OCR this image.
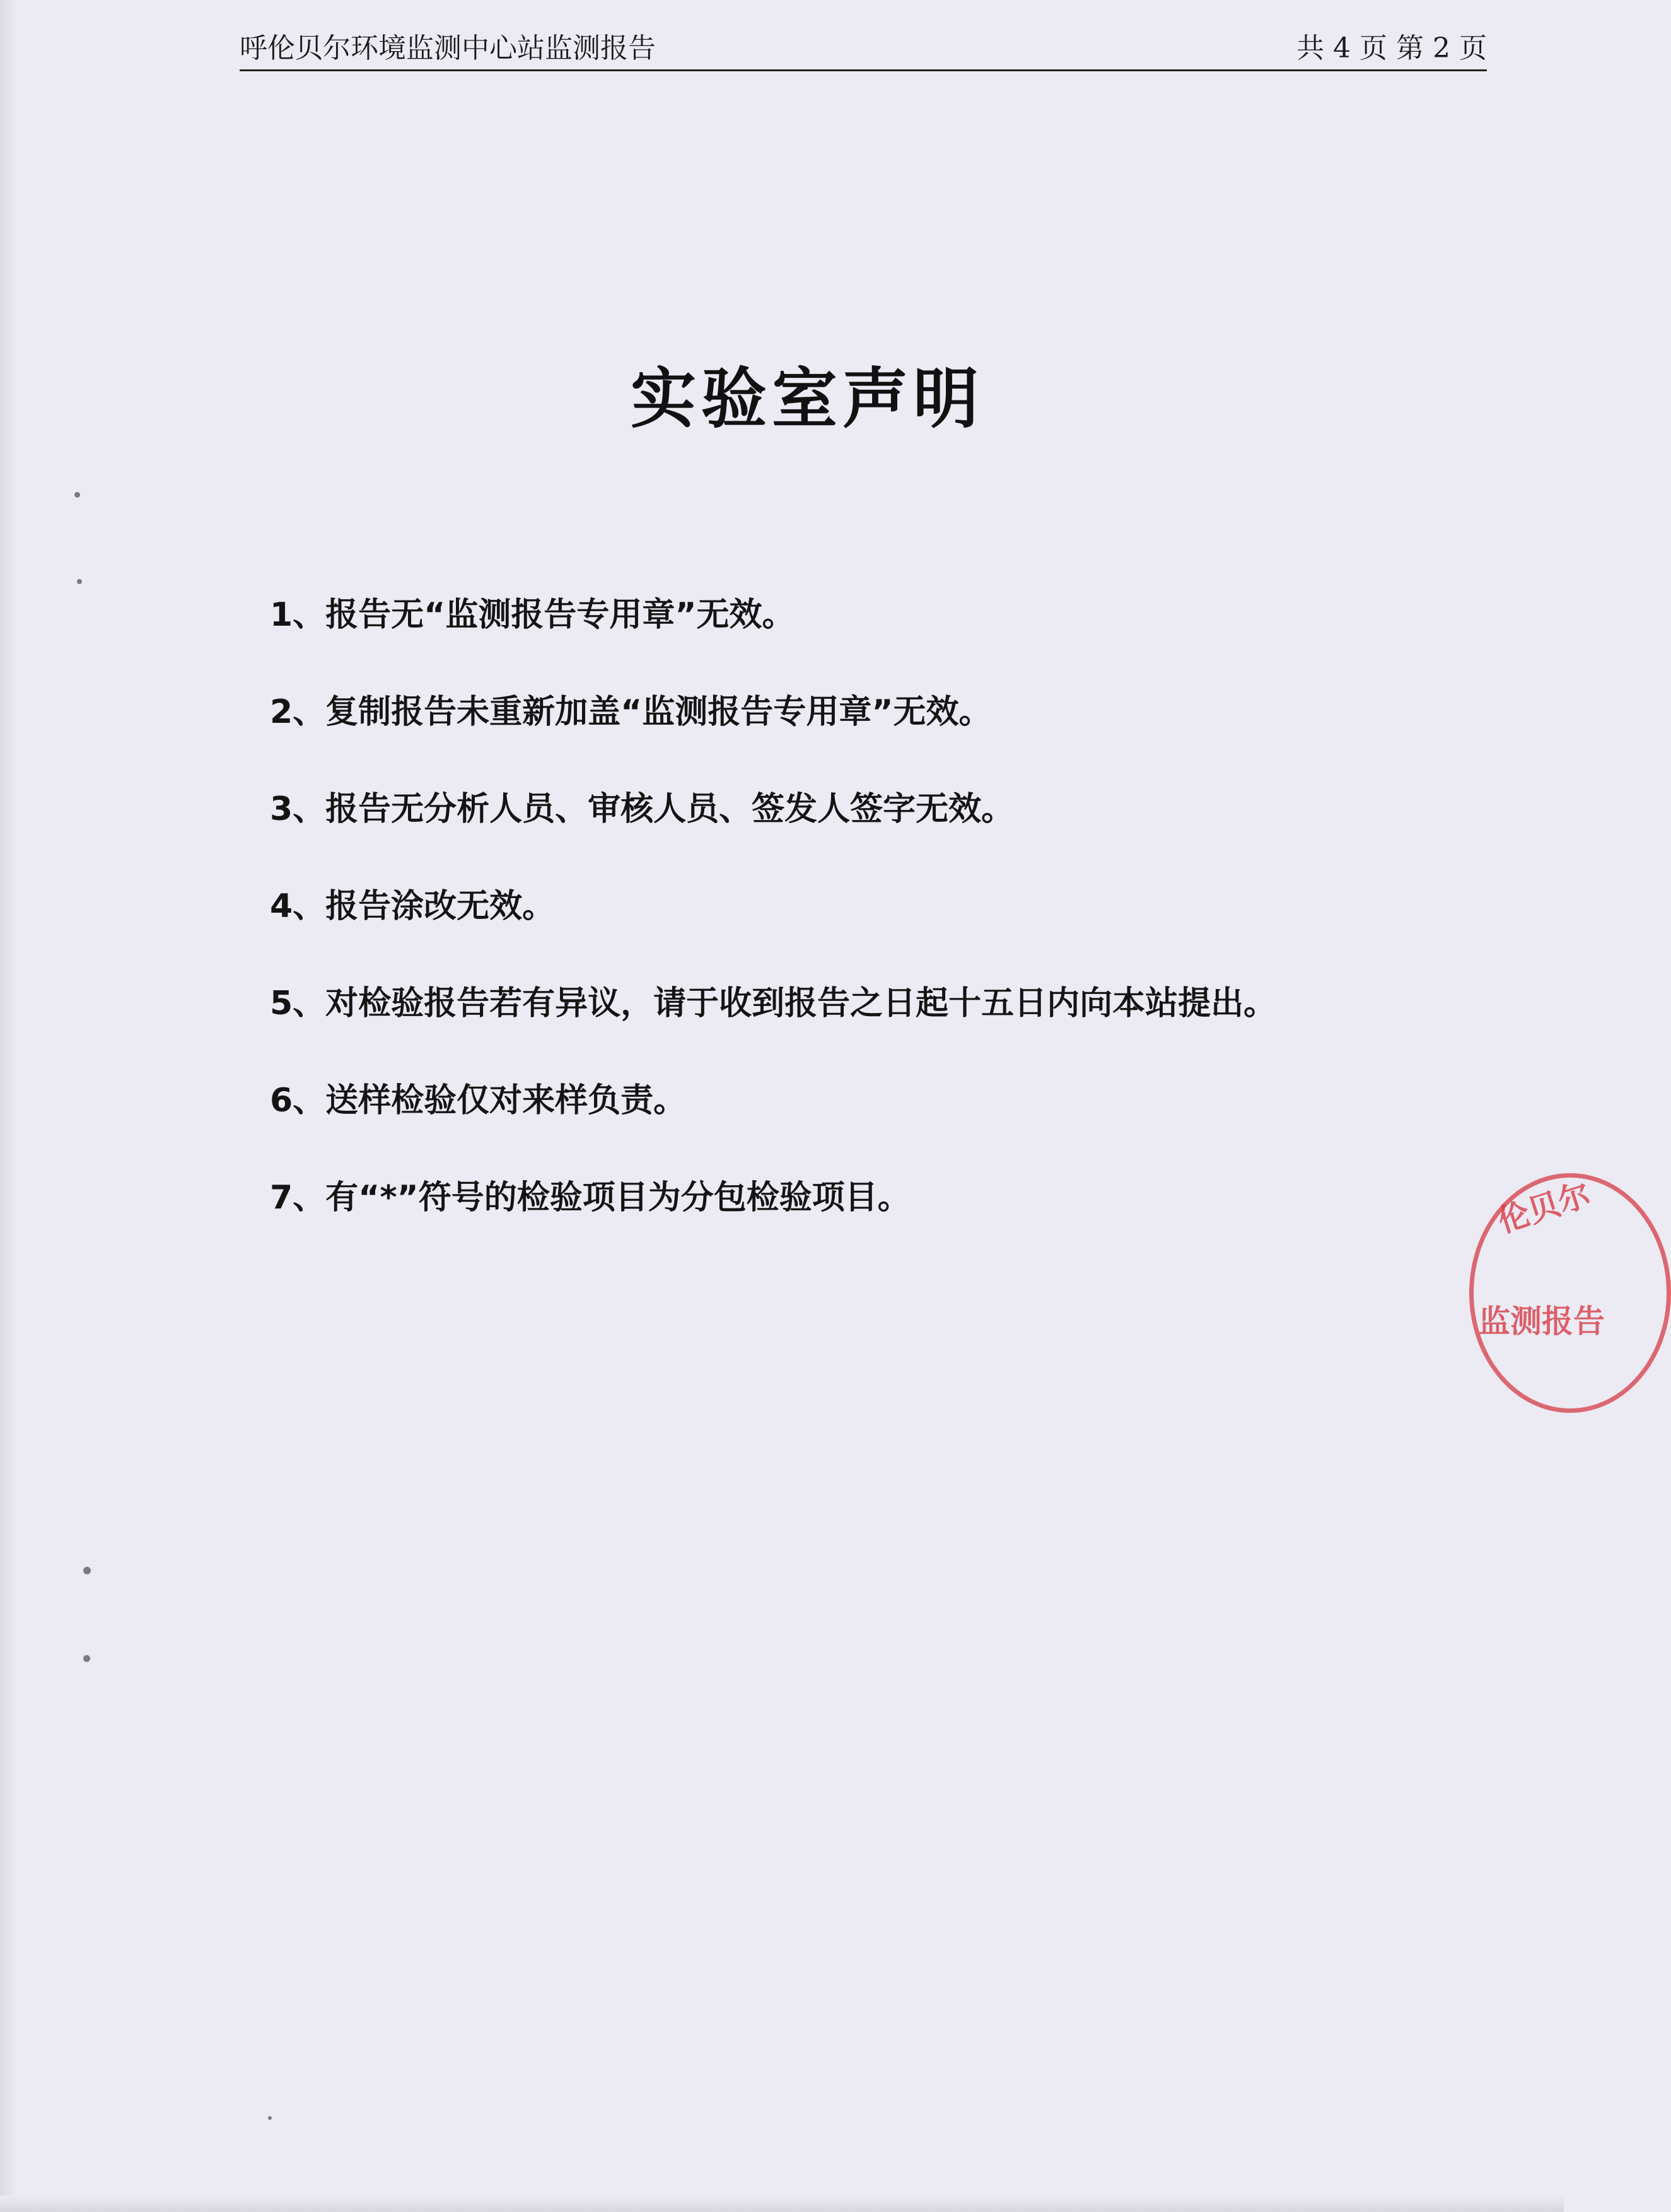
呼伦贝尔环境监测中心站监测报告	共 4 页 第 2 页
实验室声明
1、报告无“监测报告专用章”无效。
2、复制报告未重新加盖“监测报告专用章”无效。
3、报告无分析人员、审核人员、签发人签字无效。
4、报告涂改无效。
5、对检验报告若有异议，请于收到报告之日起十五日内向本站提出。
6、送样检验仅对来样负责。
7、有“*”符号的检验项目为分包检验项目。	伦贝尔
监测报告
